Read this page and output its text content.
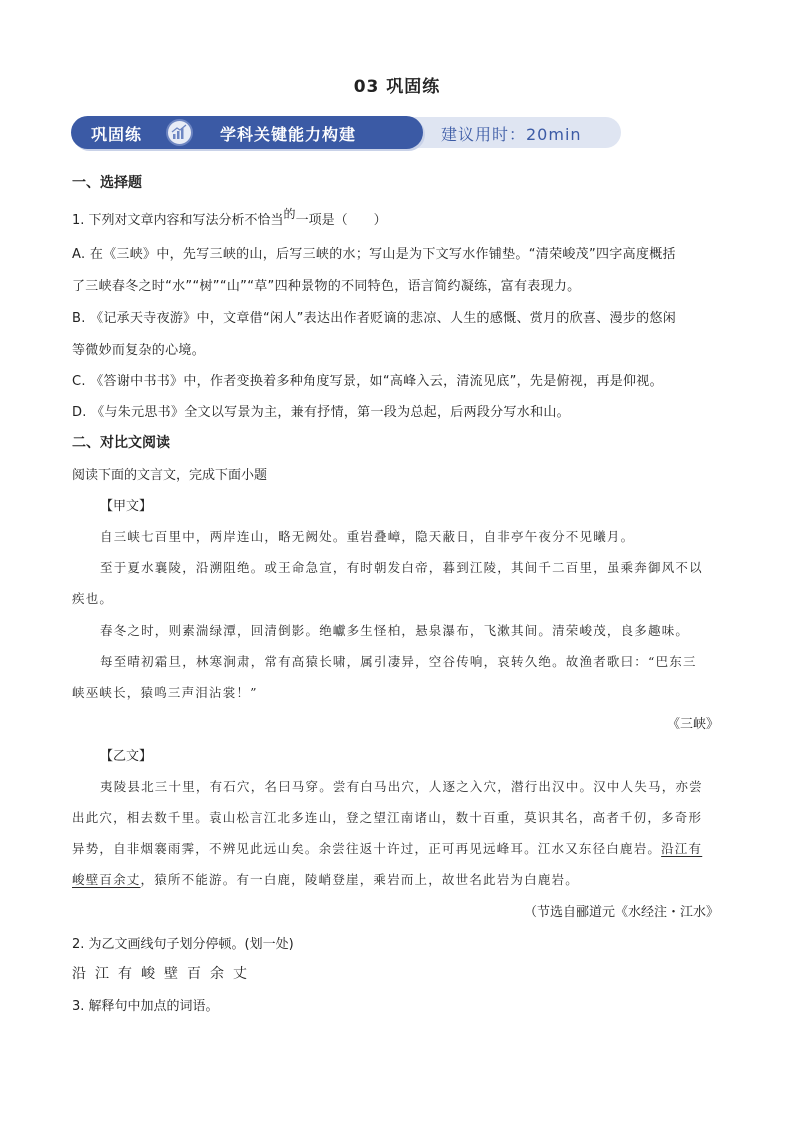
03 巩固练
巩固练	学科关键能力构建	建议用时：20min
一、选择题
1. 下列对文章内容和写法分析不恰当的一项是（　　）
A. 在《三峡》中，先写三峡的山，后写三峡的水；写山是为下文写水作铺垫。“清荣峻茂”四字高度概括
了三峡春冬之时“水”“树”“山”“草”四种景物的不同特色，语言简约凝练，富有表现力。
B. 《记承天寺夜游》中，文章借“闲人”表达出作者贬谪的悲凉、人生的感慨、赏月的欣喜、漫步的悠闲
等微妙而复杂的心境。
C. 《答谢中书书》中，作者变换着多种角度写景，如“高峰入云，清流见底”，先是俯视，再是仰视。
D. 《与朱元思书》全文以写景为主，兼有抒情，第一段为总起，后两段分写水和山。
二、对比文阅读
阅读下面的文言文，完成下面小题
【甲文】
自三峡七百里中，两岸连山，略无阙处。重岩叠嶂，隐天蔽日，自非亭午夜分不见曦月。
至于夏水襄陵，沿溯阻绝。或王命急宣，有时朝发白帝，暮到江陵，其间千二百里，虽乘奔御风不以
疾也。
春冬之时，则素湍绿潭，回清倒影。绝巘多生怪柏，悬泉瀑布，飞漱其间。清荣峻茂，良多趣味。
每至晴初霜旦，林寒涧肃，常有高猿长啸，属引凄异，空谷传响，哀转久绝。故渔者歌曰：“巴东三
峡巫峡长，猿鸣三声泪沾裳！”
《三峡》
【乙文】
夷陵县北三十里，有石穴，名曰马穿。尝有白马出穴，人逐之入穴，潜行出汉中。汉中人失马，亦尝
出此穴，相去数千里。袁山松言江北多连山，登之望江南诸山，数十百重，莫识其名，高者千仞，多奇形
异势，自非烟褰雨霁，不辨见此远山矣。余尝往返十许过，正可再见远峰耳。江水又东径白鹿岩。沿江有
峻壁百余丈，猿所不能游。有一白鹿，陵峭登崖，乘岩而上，故世名此岩为白鹿岩。
（节选自郦道元《水经注・江水》
2. 为乙文画线句子划分停顿。(划一处)
沿江有峻壁百余丈
3. 解释句中加点的词语。
